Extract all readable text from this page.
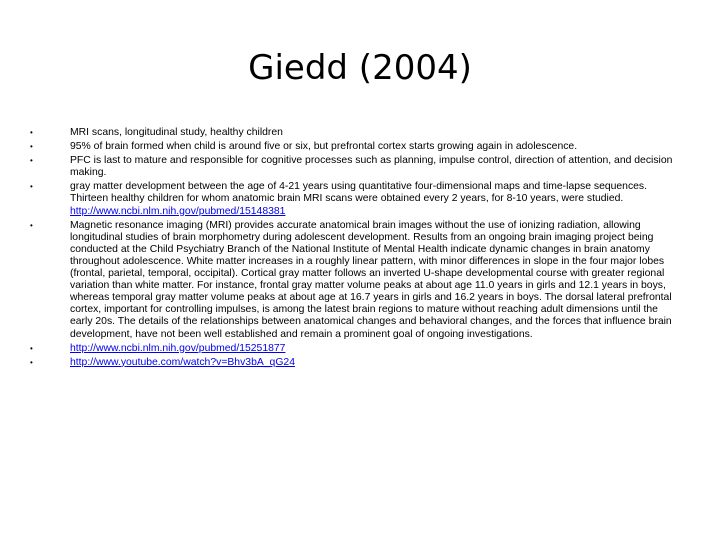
Giedd (2004)
•	MRI scans, longitudinal study, healthy children
•	95% of brain formed when child is around five or six, but prefrontal cortex starts growing again in adolescence.
•	PFC is last to mature and responsible for cognitive processes such as planning, impulse control, direction of attention, and decision making.
•	gray matter development between the age of 4-21 years using quantitative four-dimensional maps and time-lapse sequences. Thirteen healthy children for whom anatomic brain MRI scans were obtained every 2 years, for 8-10 years, were studied. http://www.ncbi.nlm.nih.gov/pubmed/15148381
•	Magnetic resonance imaging (MRI) provides accurate anatomical brain images without the use of ionizing radiation, allowing longitudinal studies of brain morphometry during adolescent development. Results from an ongoing brain imaging project being conducted at the Child Psychiatry Branch of the National Institute of Mental Health indicate dynamic changes in brain anatomy throughout adolescence. White matter increases in a roughly linear pattern, with minor differences in slope in the four major lobes (frontal, parietal, temporal, occipital). Cortical gray matter follows an inverted U-shape developmental course with greater regional variation than white matter. For instance, frontal gray matter volume peaks at about age 11.0 years in girls and 12.1 years in boys, whereas temporal gray matter volume peaks at about age at 16.7 years in girls and 16.2 years in boys. The dorsal lateral prefrontal cortex, important for controlling impulses, is among the latest brain regions to mature without reaching adult dimensions until the early 20s. The details of the relationships between anatomical changes and behavioral changes, and the forces that influence brain development, have not been well established and remain a prominent goal of ongoing investigations.
•	http://www.ncbi.nlm.nih.gov/pubmed/15251877
•	http://www.youtube.com/watch?v=Bhv3bA_qG24
